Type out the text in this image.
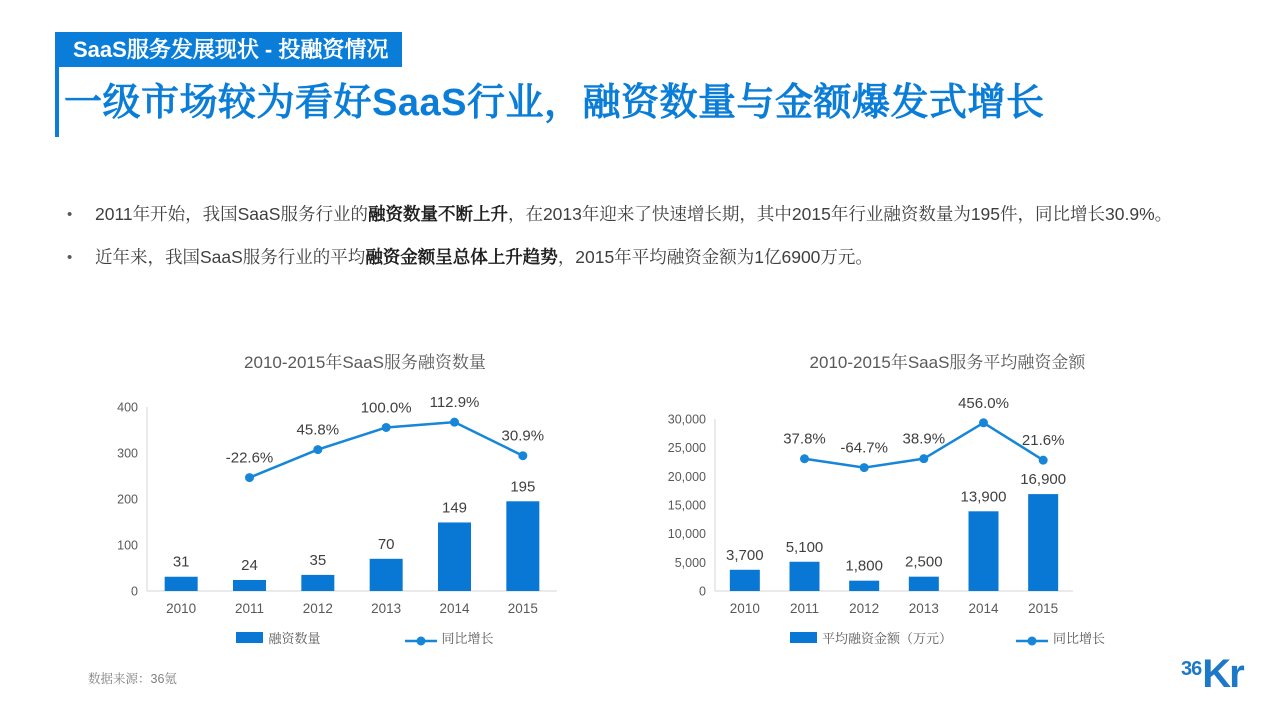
SaaS服务发展现状 - 投融资情况
一级市场较为看好SaaS行业，融资数量与金额爆发式增长
• 2011年开始，我国SaaS服务行业的融资数量不断上升，在2013年迎来了快速增长期，其中2015年行业融资数量为195件，同比增长30.9%。
• 近年来，我国SaaS服务行业的平均融资金额呈总体上升趋势，2015年平均融资金额为1亿6900万元。
2010-2015年SaaS服务融资数量
0
100
200
300
400
2010
31
2011
24
2012
35
2013
70
2014
149
2015
195
-22.6%
45.8%
100.0% 112.9%
30.9%
融资数量	同比增长
2010-2015年SaaS服务平均融资金额
0
5,000
10,000
15,000
20,000
25,000
30,000
2010
3,700
2011
5,100
2012
1,800
2013
2,500
2014
13,900
2015
16,900
37.8%
-64.7%
38.9%
456.0%
21.6%
平均融资金额（万元）	同比增长
数据来源：36氪	36 Kr
